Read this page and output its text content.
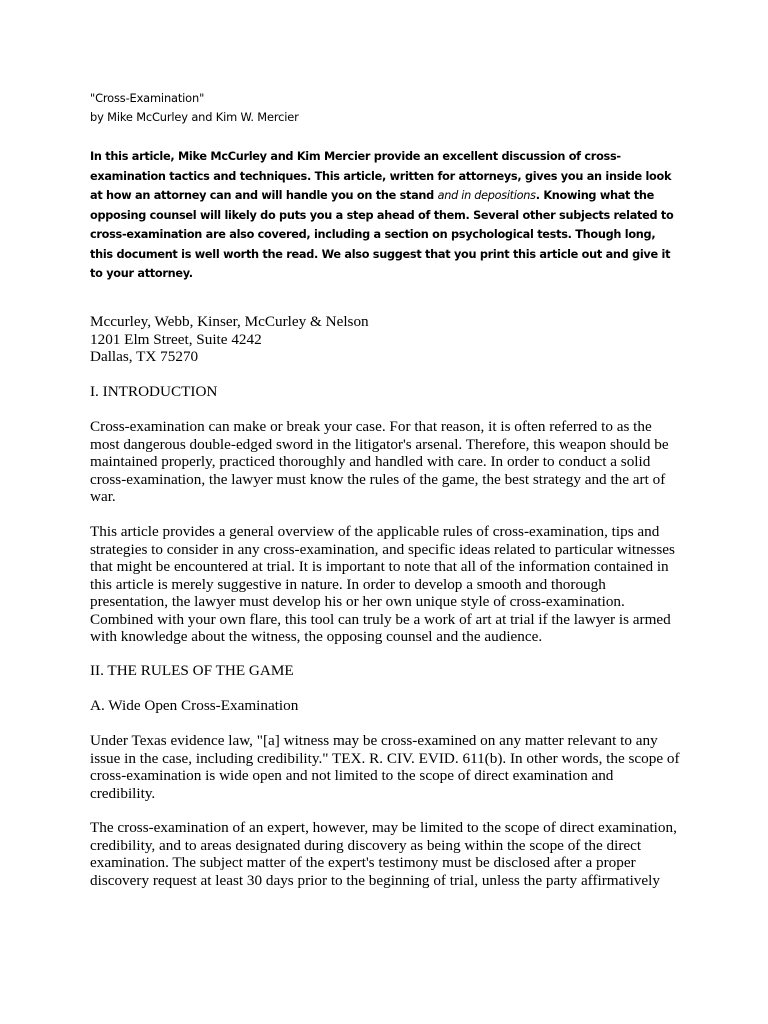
"Cross-Examination"

by Mike McCurley and Kim W. Mercier

In this article, Mike McCurley and Kim Mercier provide an excellent discussion of cross-examination tactics and techniques. This article, written for attorneys, gives you an inside look at how an attorney can and will handle you on the stand and in depositions. Knowing what the opposing counsel will likely do puts you a step ahead of them. Several other subjects related to cross-examination are also covered, including a section on psychological tests. Though long, this document is well worth the read. We also suggest that you print this article out and give it to your attorney.

Mccurley, Webb, Kinser, McCurley & Nelson
1201 Elm Street, Suite 4242
Dallas, TX 75270

I. INTRODUCTION

Cross-examination can make or break your case. For that reason, it is often referred to as the most dangerous double-edged sword in the litigator's arsenal. Therefore, this weapon should be maintained properly, practiced thoroughly and handled with care. In order to conduct a solid cross-examination, the lawyer must know the rules of the game, the best strategy and the art of war.

This article provides a general overview of the applicable rules of cross-examination, tips and strategies to consider in any cross-examination, and specific ideas related to particular witnesses that might be encountered at trial. It is important to note that all of the information contained in this article is merely suggestive in nature. In order to develop a smooth and thorough presentation, the lawyer must develop his or her own unique style of cross-examination. Combined with your own flare, this tool can truly be a work of art at trial if the lawyer is armed with knowledge about the witness, the opposing counsel and the audience.

II. THE RULES OF THE GAME

A. Wide Open Cross-Examination

Under Texas evidence law, "[a] witness may be cross-examined on any matter relevant to any issue in the case, including credibility." TEX. R. CIV. EVID. 611(b). In other words, the scope of cross-examination is wide open and not limited to the scope of direct examination and credibility.

The cross-examination of an expert, however, may be limited to the scope of direct examination, credibility, and to areas designated during discovery as being within the scope of the direct examination. The subject matter of the expert's testimony must be disclosed after a proper discovery request at least 30 days prior to the beginning of trial, unless the party affirmatively
